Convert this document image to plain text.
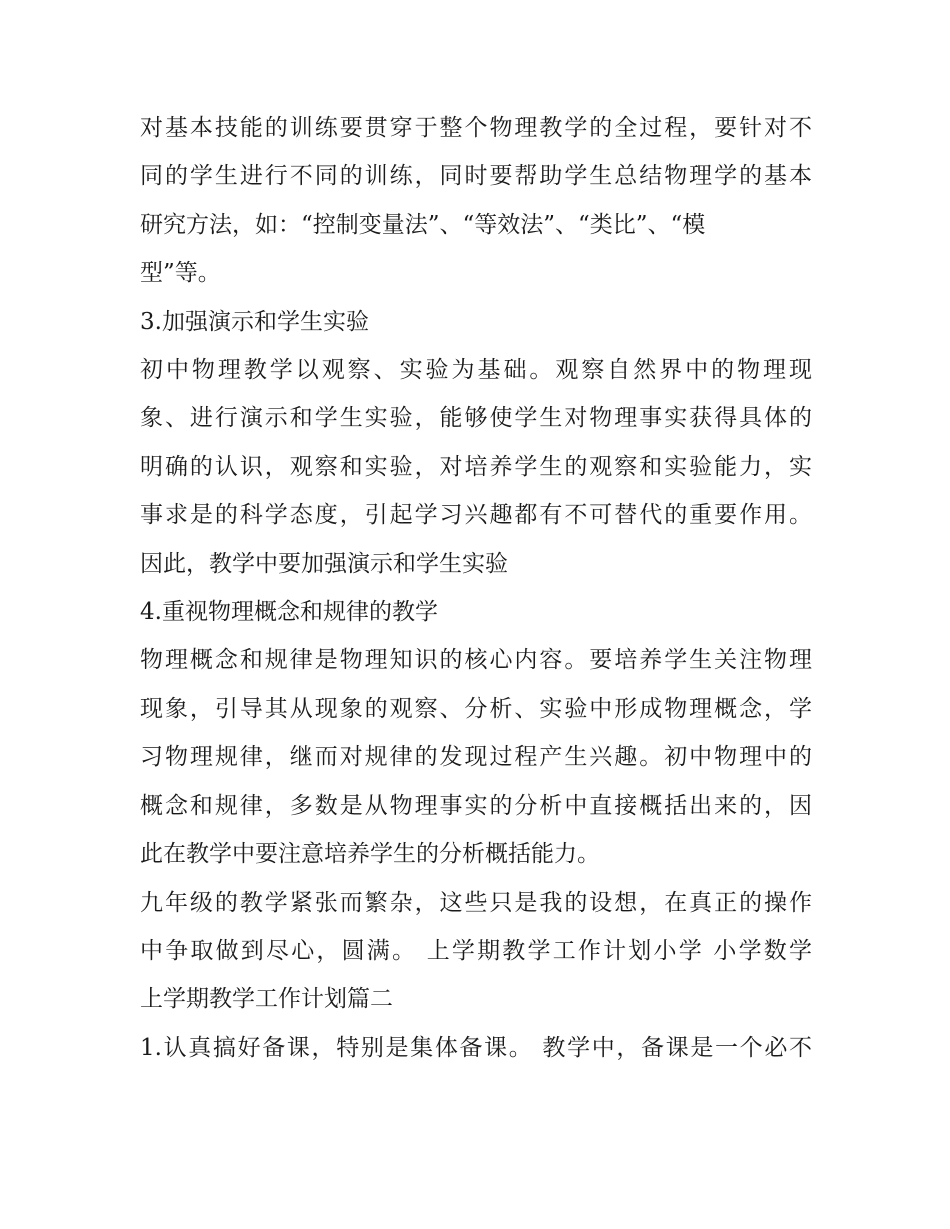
对基本技能的训练要贯穿于整个物理教学的全过程，要针对不

同的学生进行不同的训练，同时要帮助学生总结物理学的基本

研究方法，如：“控制变量法”、“等效法”、“类比”、“模

型”等。

3.加强演示和学生实验

初中物理教学以观察、实验为基础。观察自然界中的物理现

象、进行演示和学生实验，能够使学生对物理事实获得具体的

明确的认识，观察和实验，对培养学生的观察和实验能力，实

事求是的科学态度，引起学习兴趣都有不可替代的重要作用。

因此，教学中要加强演示和学生实验

4.重视物理概念和规律的教学

物理概念和规律是物理知识的核心内容。要培养学生关注物理

现象，引导其从现象的观察、分析、实验中形成物理概念，学

习物理规律，继而对规律的发现过程产生兴趣。初中物理中的

概念和规律，多数是从物理事实的分析中直接概括出来的，因

此在教学中要注意培养学生的分析概括能力。

九年级的教学紧张而繁杂，这些只是我的设想，在真正的操作

中争取做到尽心，圆满。 上学期教学工作计划小学 小学数学

上学期教学工作计划篇二

1.认真搞好备课，特别是集体备课。 教学中，备课是一个必不
